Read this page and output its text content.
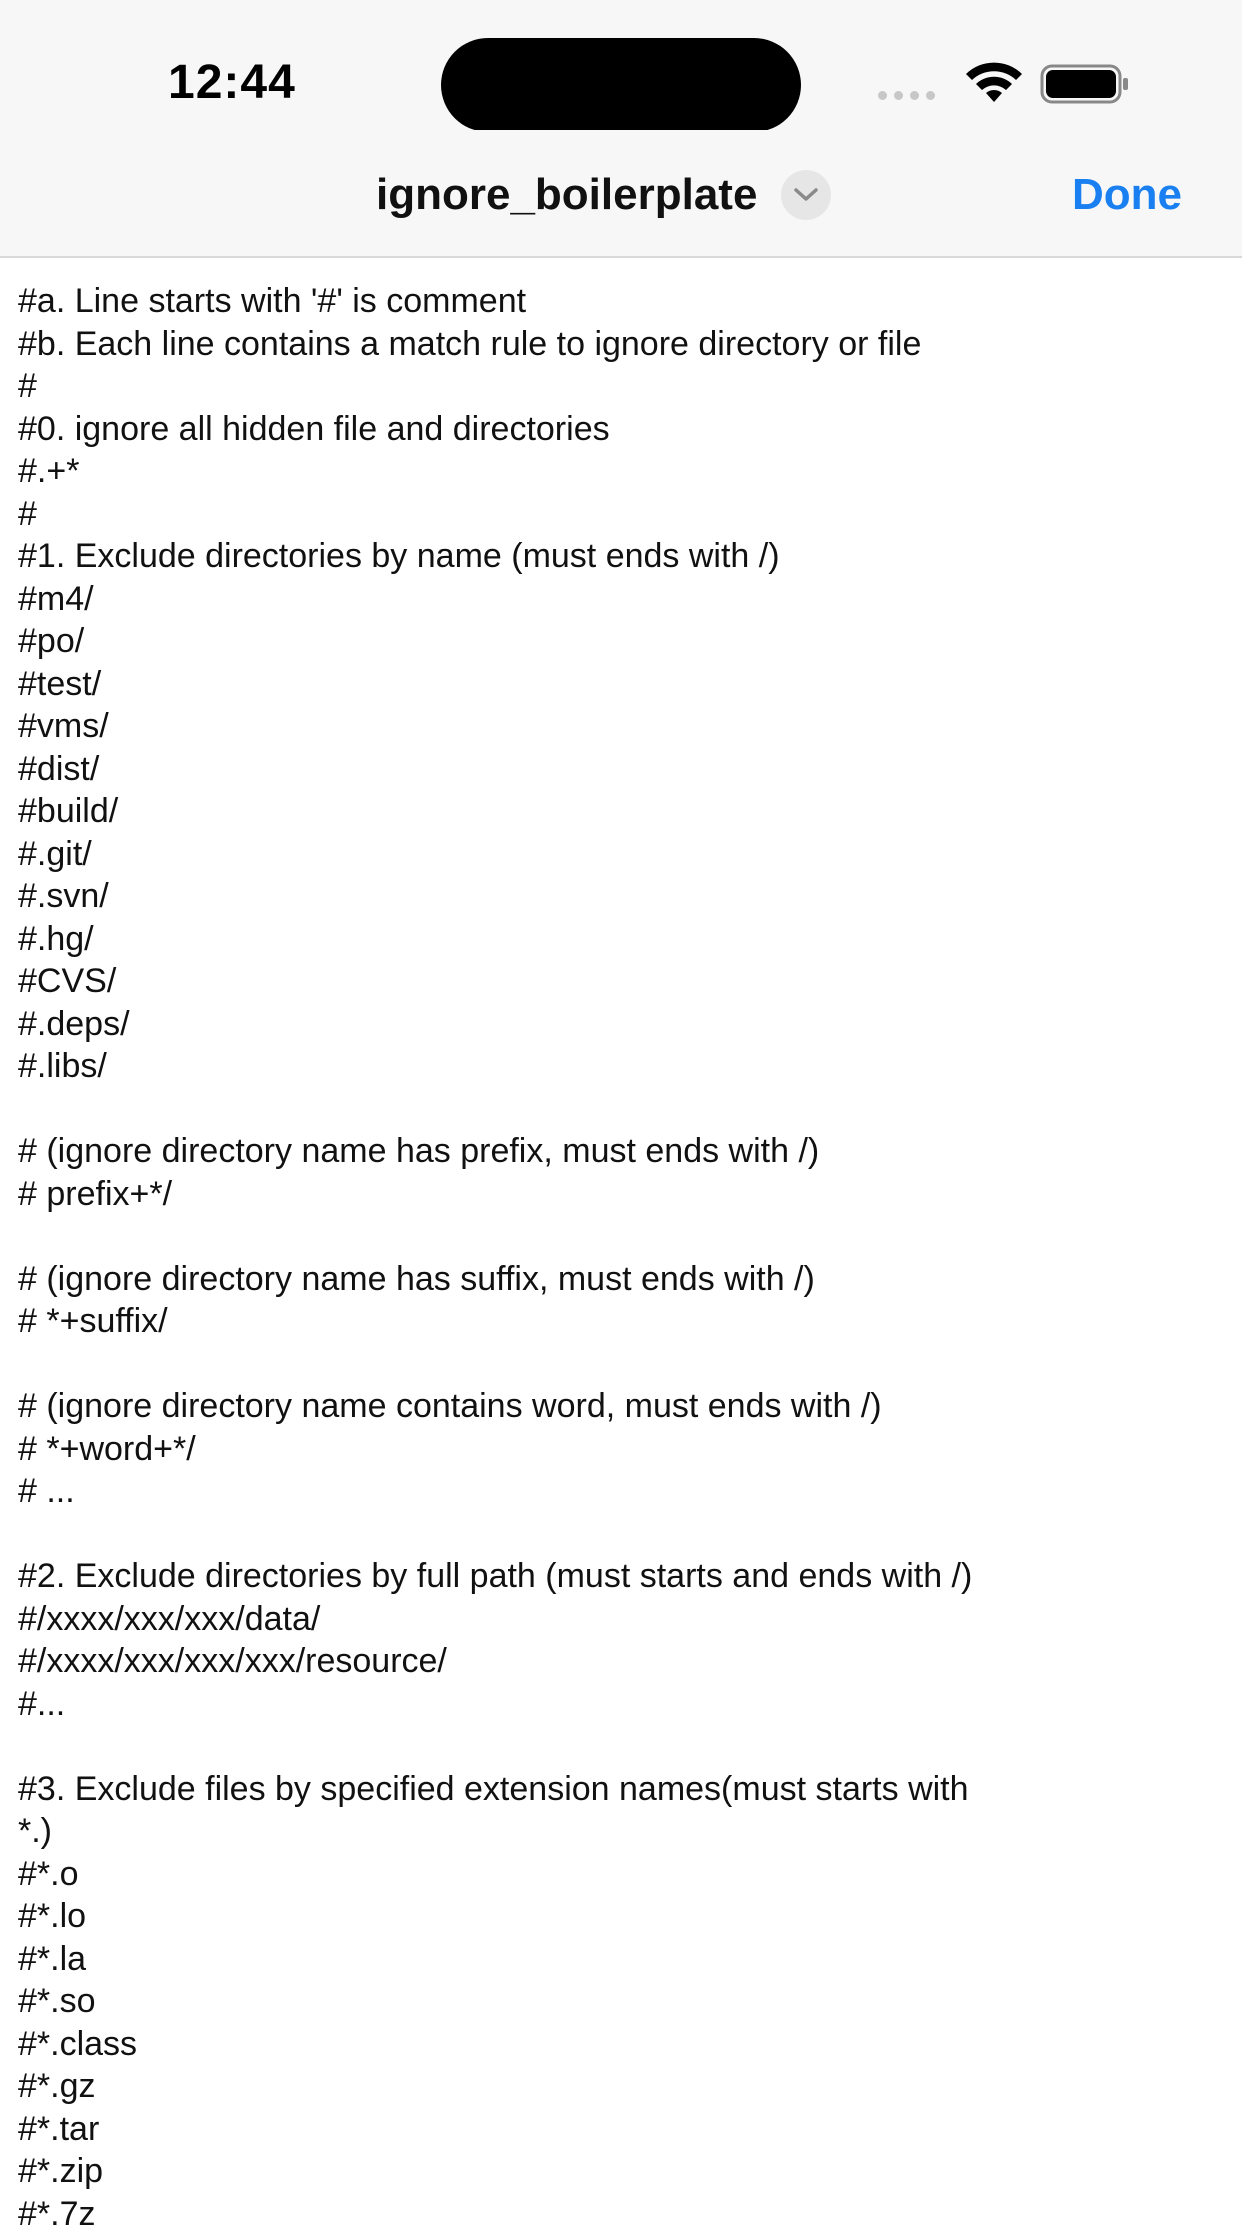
12:44
ignore_boilerplate	Done
#a. Line starts with '#' is comment
#b. Each line contains a match rule to ignore directory or file
#
#0. ignore all hidden file and directories
#.+*
#
#1. Exclude directories by name (must ends with /)
#m4/
#po/
#test/
#vms/
#dist/
#build/
#.git/
#.svn/
#.hg/
#CVS/
#.deps/
#.libs/
# (ignore directory name has prefix, must ends with /)
# prefix+*/
# (ignore directory name has suffix, must ends with /)
# *+suffix/
# (ignore directory name contains word, must ends with /)
# *+word+*/
# ...
#2. Exclude directories by full path (must starts and ends with /)
#/xxxx/xxx/xxx/data/
#/xxxx/xxx/xxx/xxx/resource/
#...
#3. Exclude files by specified extension names(must starts with
*.)
#*.o
#*.lo
#*.la
#*.so
#*.class
#*.gz
#*.tar
#*.zip
#*.7z
